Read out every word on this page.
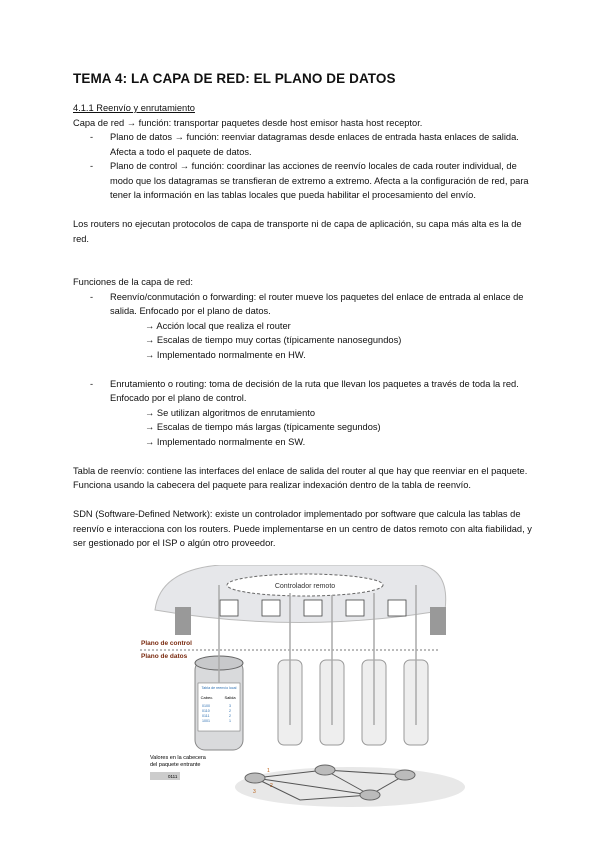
TEMA 4: LA CAPA DE RED: EL PLANO DE DATOS
4.1.1 Reenvío y enrutamiento
Capa de red → función: transportar paquetes desde host emisor hasta host receptor.
- Plano de datos → función: reenviar datagramas desde enlaces de entrada hasta enlaces de salida. Afecta a todo el paquete de datos.
- Plano de control → función: coordinar las acciones de reenvío locales de cada router individual, de modo que los datagramas se transfieran de extremo a extremo. Afecta a la configuración de red, para tener la información en las tablas locales que pueda habilitar el procesamiento del envío.
Los routers no ejecutan protocolos de capa de transporte ni de capa de aplicación, su capa más alta es la de red.
Funciones de la capa de red:
- Reenvío/conmutación o forwarding: el router mueve los paquetes del enlace de entrada al enlace de salida. Enfocado por el plano de datos.
→ Acción local que realiza el router
→ Escalas de tiempo muy cortas (típicamente nanosegundos)
→ Implementado normalmente en HW.
- Enrutamiento o routing: toma de decisión de la ruta que llevan los paquetes a través de toda la red. Enfocado por el plano de control.
→ Se utilizan algoritmos de enrutamiento
→ Escalas de tiempo más largas (típicamente segundos)
→ Implementado normalmente en SW.
Tabla de reenvío: contiene las interfaces del enlace de salida del router al que hay que reenviar en el paquete. Funciona usando la cabecera del paquete para realizar indexación dentro de la tabla de reenvío.
SDN (Software-Defined Network): existe un controlador implementado por software que calcula las tablas de reenvío e interacciona con los routers. Puede implementarse en un centro de datos remoto con alta fiabilidad, y ser gestionado por el ISP o algún otro proveedor.
Controlador remoto
Plano de control
Plano de datos
Tabla de reenvío local
Cabec.	Salida
0100	3
0110	2
0111	2
1001	1
Valores en la cabecera
del paquete entrante
0111
1
2
3
